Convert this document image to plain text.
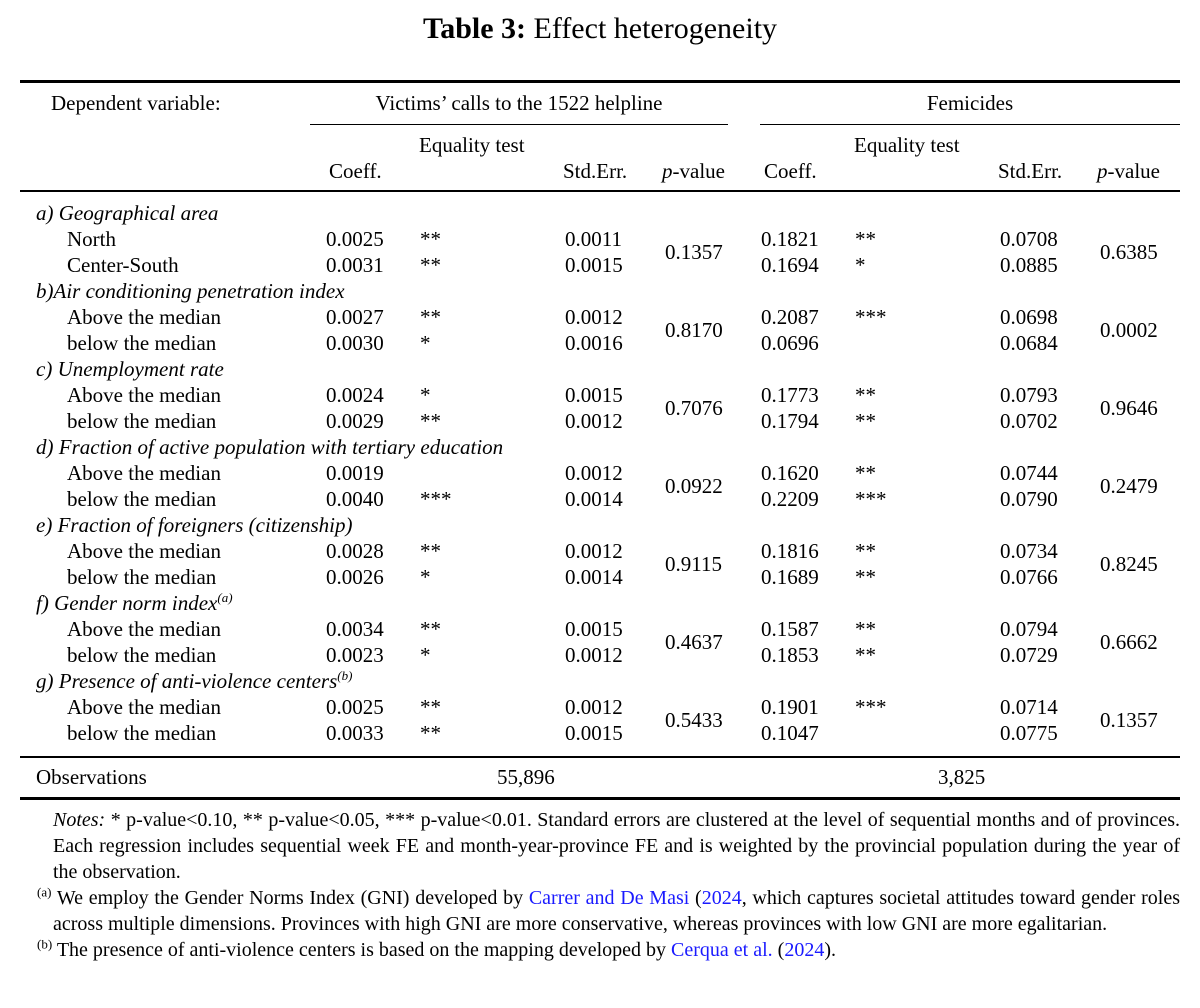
Table 3: Effect heterogeneity
Dependent variable:	Victims’ calls to the 1522 helpline	Femicides
Equality test	Equality test
Coeff.	Std.Err. p-value Coeff.	Std.Err. p-value
a) Geographical area
North	0.0025 **	0.0011	0.1821 **	0.0708
Center-South	0.0031 **	0.0015	0.1694 *	0.0885
0.1357	0.6385
b)Air conditioning penetration index
Above the median	0.0027 **	0.0012	0.2087 ***	0.0698
below the median	0.0030 *	0.0016	0.0696	0.0684
0.8170	0.0002
c) Unemployment rate
Above the median	0.0024 *	0.0015	0.1773 **	0.0793
below the median	0.0029 **	0.0012	0.1794 **	0.0702
0.7076	0.9646
d) Fraction of active population with tertiary education
Above the median	0.0019	0.0012	0.1620 **	0.0744
below the median	0.0040 ***	0.0014	0.2209 ***	0.0790
0.0922	0.2479
e) Fraction of foreigners (citizenship)
Above the median	0.0028 **	0.0012	0.1816 **	0.0734
below the median	0.0026 *	0.0014	0.1689 **	0.0766
0.9115	0.8245
f) Gender norm index$^{(a)}$
Above the median	0.0034 **	0.0015	0.1587 **	0.0794
below the median	0.0023 *	0.0012	0.1853 **	0.0729
0.4637	0.6662
g) Presence of anti-violence centers$^{(b)}$
Above the median	0.0025 **	0.0012	0.1901 ***	0.0714
below the median	0.0033 **	0.0015	0.1047	0.0775
0.5433	0.1357
Observations	55,896	3,825

Notes: * p-value<0.10, ** p-value<0.05, *** p-value<0.01. Standard errors are clustered at the level of sequential months and of provinces. Each regression includes sequential week FE and month-year-province FE and is weighted by the provincial population during the year of the observation.

$^{(a)}$ We employ the Gender Norms Index (GNI) developed by Carrer and De Masi (2024, which captures societal attitudes toward gender roles across multiple dimensions. Provinces with high GNI are more conservative, whereas provinces with low GNI are more egalitarian.

$^{(b)}$ The presence of anti-violence centers is based on the mapping developed by Cerqua et al. (2024).
